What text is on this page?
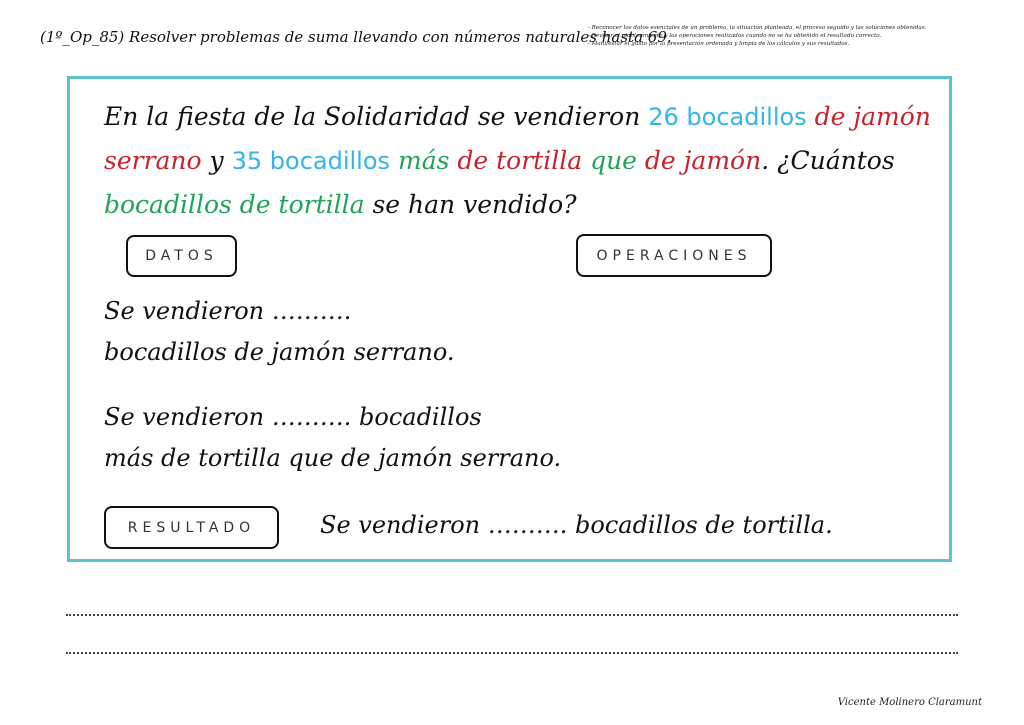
(1º_Op_85) Resolver problemas de suma llevando con números naturales hasta 69.
- Reconocer los datos esenciales de un problema, la situación planteada, el proceso seguido y las soluciones obtenidas.
- Revisar el planteamiento y las operaciones realizadas cuando no se ha obtenido el resultado correcto.
- Manifestar el gusto por la presentación ordenada y limpia de los cálculos y sus resultados.
En la fiesta de la Solidaridad se vendieron 26 bocadillos de jamón serrano y 35 bocadillos más de tortilla que de jamón. ¿Cuántos bocadillos de tortilla se han vendido?
DATOS	OPERACIONES
Se vendieron ……….
bocadillos de jamón serrano.
Se vendieron ………. bocadillos
más de tortilla que de jamón serrano.
RESULTADO	Se vendieron ………. bocadillos de tortilla.
Vicente Molinero Claramunt
